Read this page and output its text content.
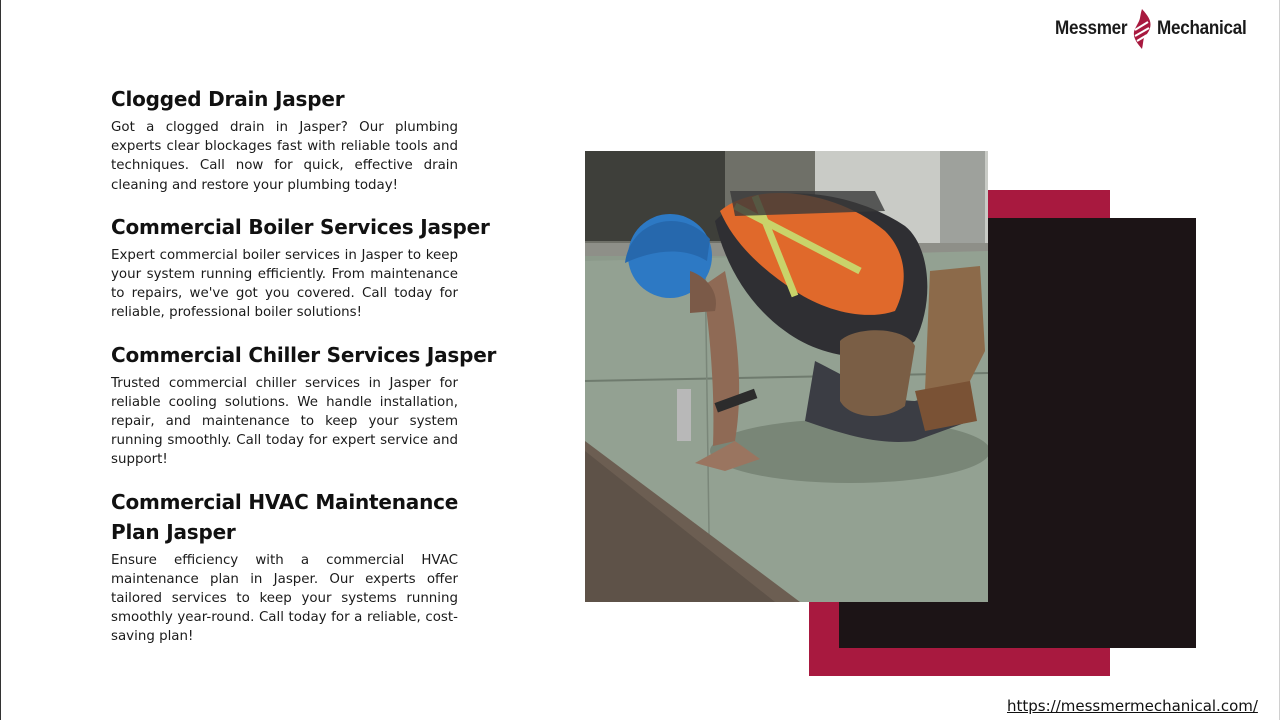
Messmer Mechanical
Clogged Drain Jasper

Got a clogged drain in Jasper? Our plumbing experts clear blockages fast with reliable tools and techniques. Call now for quick, effective drain cleaning and restore your plumbing today!

Commercial Boiler Services Jasper

Expert commercial boiler services in Jasper to keep your system running efficiently. From maintenance to repairs, we've got you covered. Call today for reliable, professional boiler solutions!

Commercial Chiller Services Jasper

Trusted commercial chiller services in Jasper for reliable cooling solutions. We handle installation, repair, and maintenance to keep your system running smoothly. Call today for expert service and support!

Commercial HVAC Maintenance Plan Jasper

Ensure efficiency with a commercial HVAC maintenance plan in Jasper. Our experts offer tailored services to keep your systems running smoothly year-round. Call today for a reliable, cost-saving plan!

https://messmermechanical.com/
